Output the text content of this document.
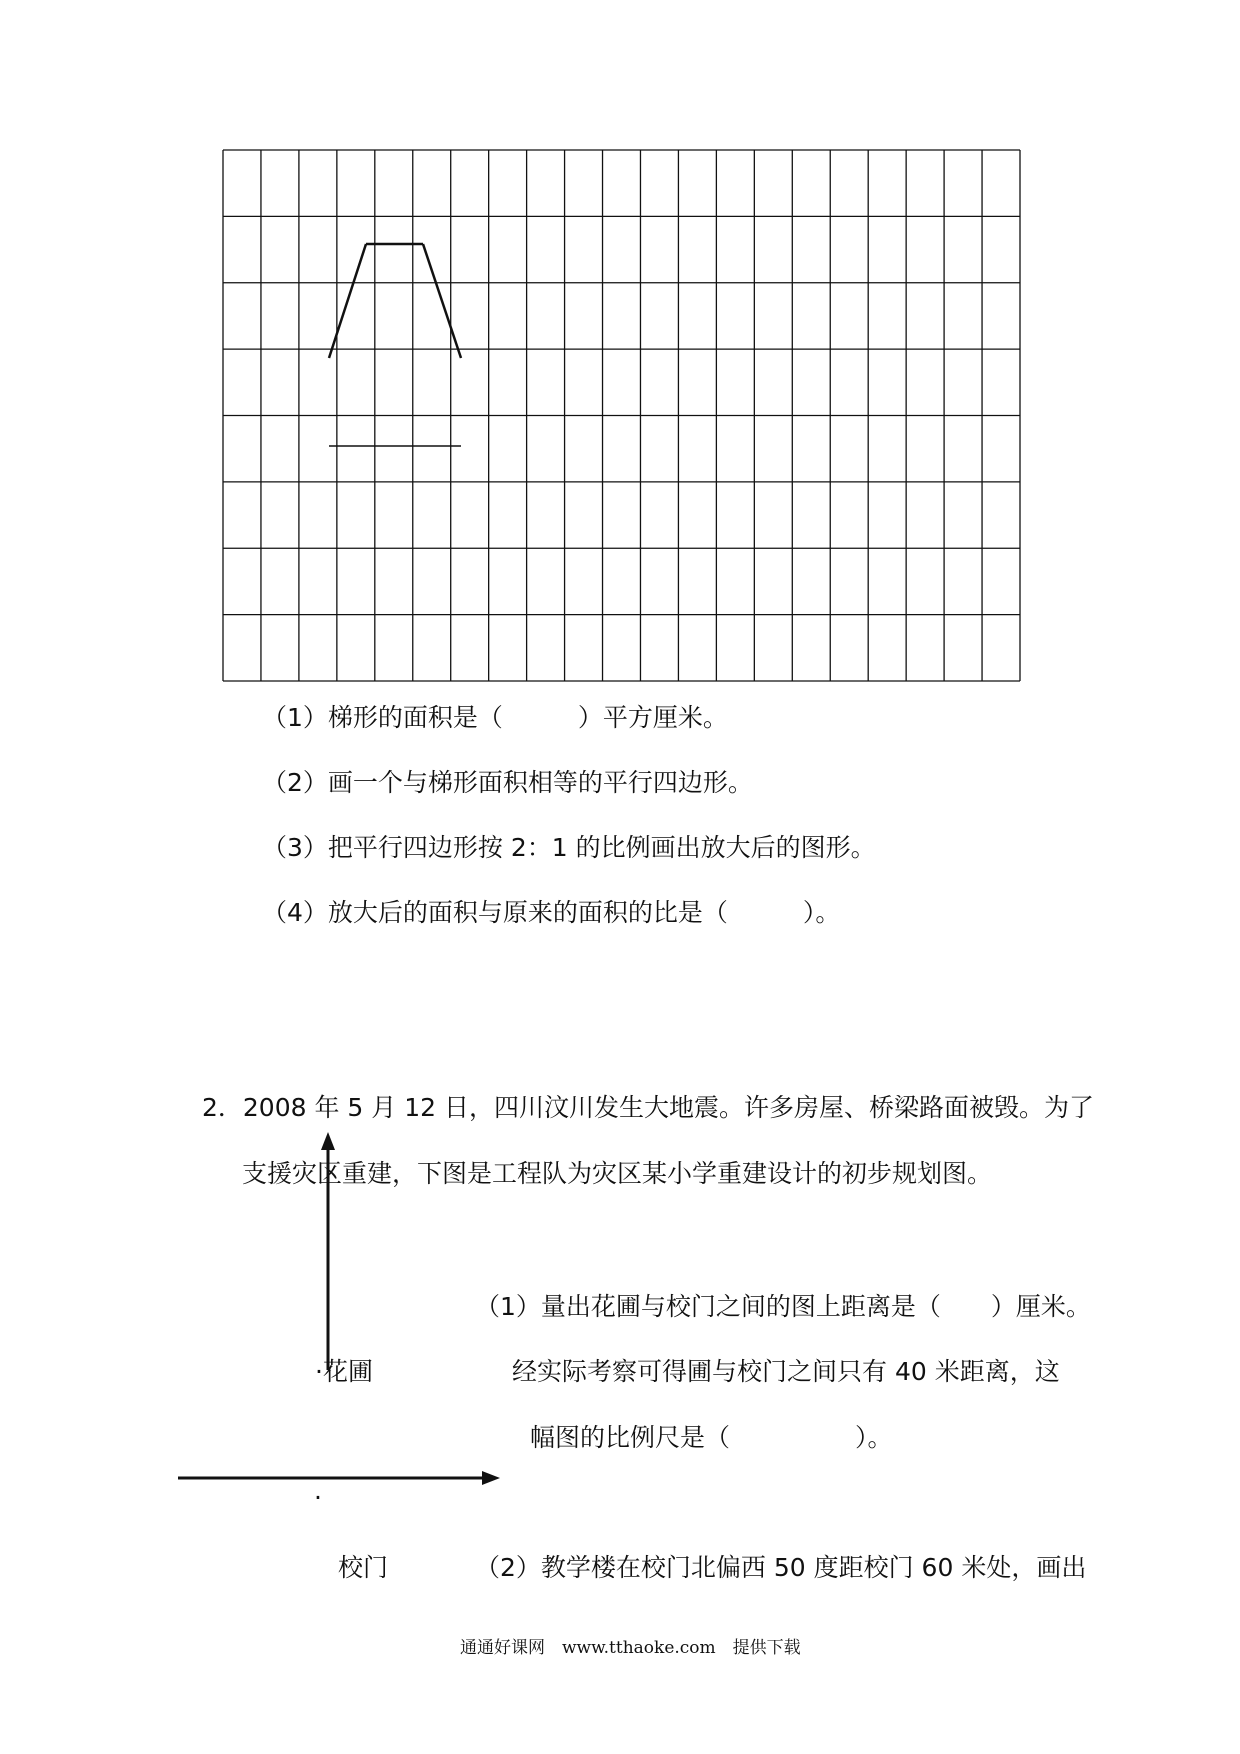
（1）梯形的面积是（　　　）平方厘米。
（2）画一个与梯形面积相等的平行四边形。
（3）把平行四边形按 2：1 的比例画出放大后的图形。
（4）放大后的面积与原来的面积的比是（　　　）。
2．2008 年 5 月 12 日，四川汶川发生大地震。许多房屋、桥梁路面被毁。为了
支援灾区重建，下图是工程队为灾区某小学重建设计的初步规划图。
（1）量出花圃与校门之间的图上距离是（　　）厘米。
经实际考察可得圃与校门之间只有 40 米距离，这
幅图的比例尺是（　　　　　）。
·花圃
·
校门	（2）教学楼在校门北偏西 50 度距校门 60 米处，画出
通通好课网　www.tthaoke.com　提供下载
